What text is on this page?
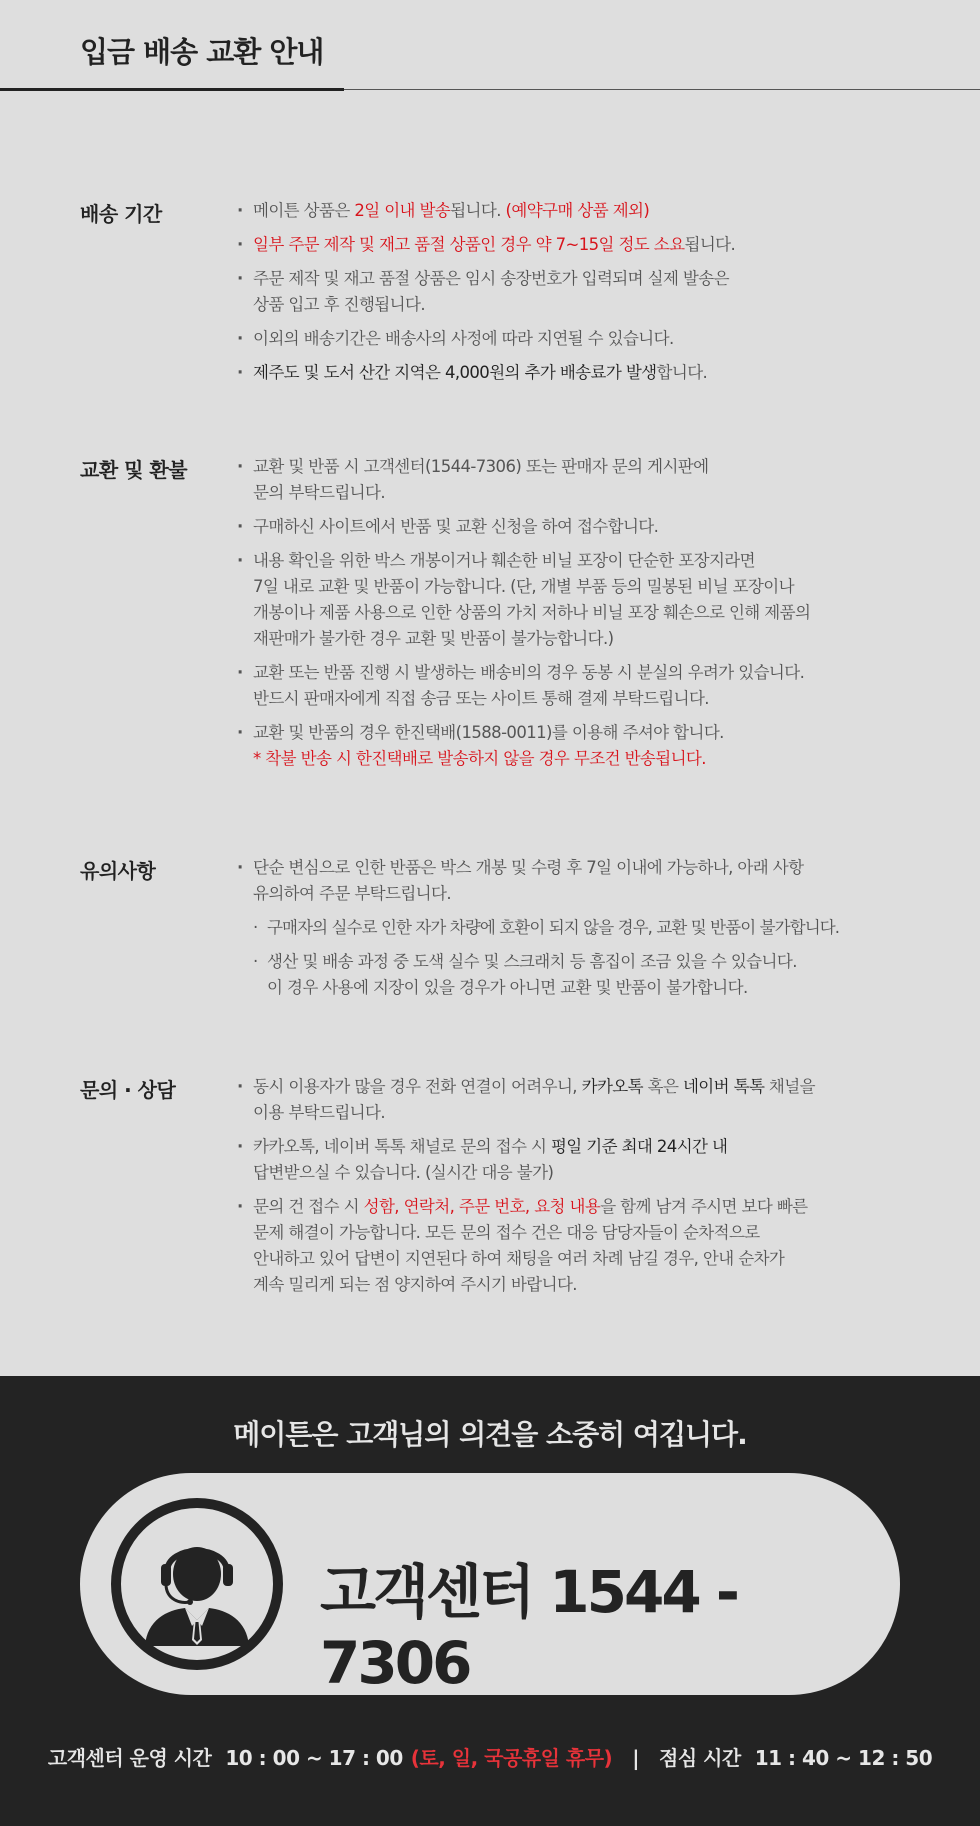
입금 배송 교환 안내
배송 기간	· 메이튼 상품은 2일 이내 발송됩니다. (예약구매 상품 제외)
· 일부 주문 제작 및 재고 품절 상품인 경우 약 7~15일 정도 소요됩니다.
· 주문 제작 및 재고 품절 상품은 임시 송장번호가 입력되며 실제 발송은
상품 입고 후 진행됩니다.
· 이외의 배송기간은 배송사의 사정에 따라 지연될 수 있습니다.
· 제주도 및 도서 산간 지역은 4,000원의 추가 배송료가 발생합니다.
교환 및 환불	· 교환 및 반품 시 고객센터(1544-7306) 또는 판매자 문의 게시판에
문의 부탁드립니다.
· 구매하신 사이트에서 반품 및 교환 신청을 하여 접수합니다.
· 내용 확인을 위한 박스 개봉이거나 훼손한 비닐 포장이 단순한 포장지라면
7일 내로 교환 및 반품이 가능합니다. (단, 개별 부품 등의 밀봉된 비닐 포장이나
개봉이나 제품 사용으로 인한 상품의 가치 저하나 비닐 포장 훼손으로 인해 제품의
재판매가 불가한 경우 교환 및 반품이 불가능합니다.)
· 교환 또는 반품 진행 시 발생하는 배송비의 경우 동봉 시 분실의 우려가 있습니다.
반드시 판매자에게 직접 송금 또는 사이트 통해 결제 부탁드립니다.
· 교환 및 반품의 경우 한진택배(1588-0011)를 이용해 주셔야 합니다.
* 착불 반송 시 한진택배로 발송하지 않을 경우 무조건 반송됩니다.
유의사항	· 단순 변심으로 인한 반품은 박스 개봉 및 수령 후 7일 이내에 가능하나, 아래 사항
유의하여 주문 부탁드립니다.
· 구매자의 실수로 인한 자가 차량에 호환이 되지 않을 경우, 교환 및 반품이 불가합니다.
· 생산 및 배송 과정 중 도색 실수 및 스크래치 등 흠집이 조금 있을 수 있습니다.
이 경우 사용에 지장이 있을 경우가 아니면 교환 및 반품이 불가합니다.
문의 · 상담	· 동시 이용자가 많을 경우 전화 연결이 어려우니, 카카오톡 혹은 네이버 톡톡 채널을
이용 부탁드립니다.
· 카카오톡, 네이버 톡톡 채널로 문의 접수 시 평일 기준 최대 24시간 내
답변받으실 수 있습니다. (실시간 대응 불가)
· 문의 건 접수 시 성함, 연락처, 주문 번호, 요청 내용을 함께 남겨 주시면 보다 빠른
문제 해결이 가능합니다. 모든 문의 접수 건은 대응 담당자들이 순차적으로
안내하고 있어 답변이 지연된다 하여 채팅을 여러 차례 남길 경우, 안내 순차가
계속 밀리게 되는 점 양지하여 주시기 바랍니다.
메이튼은 고객님의 의견을 소중히 여깁니다.
고객센터 1544 - 7306
고객센터 운영 시간 10 : 00 ~ 17 : 00 (토, 일, 국공휴일 휴무) | 점심 시간 11 : 40 ~ 12 : 50
